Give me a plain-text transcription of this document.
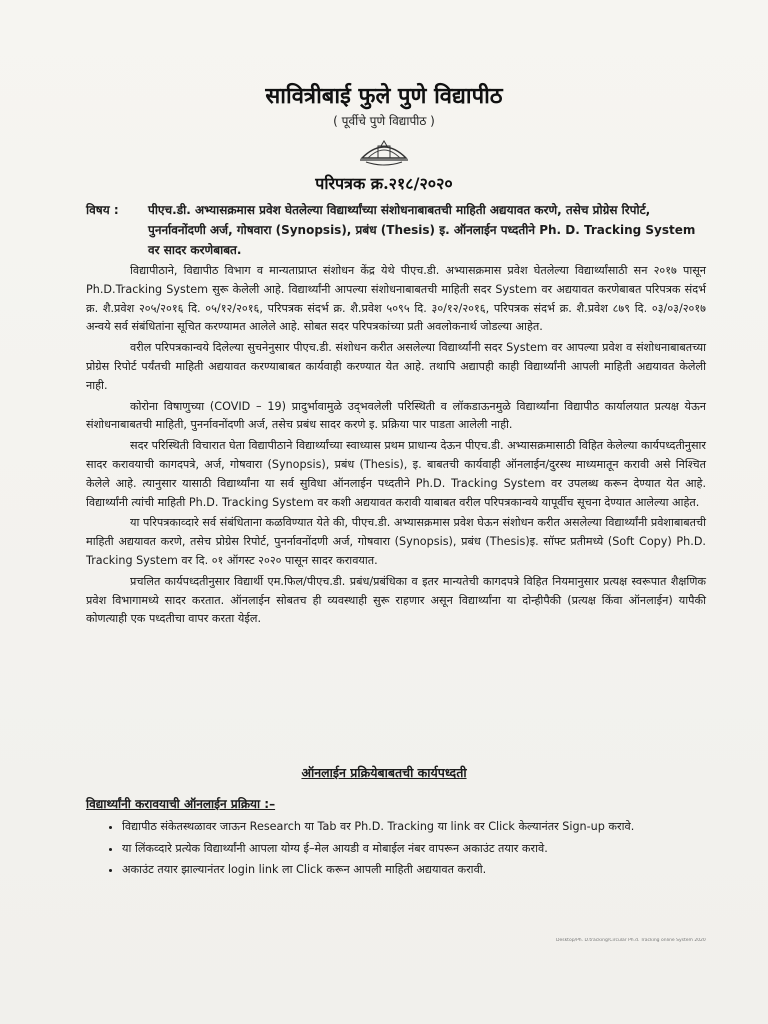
सावित्रीबाई फुले पुणे विद्यापीठ
( पूर्वीचे पुणे विद्यापीठ )
परिपत्रक क्र.२१८/२०२०
विषय :	पीएच.डी. अभ्यासक्रमास प्रवेश घेतलेल्या विद्यार्थ्यांच्या संशोधनाबाबतची माहिती अद्ययावत करणे, तसेच प्रोग्रेस रिपोर्ट, पुनर्नावनोंदणी अर्ज, गोषवारा (Synopsis), प्रबंध (Thesis) इ. ऑनलाईन पध्दतीने Ph. D. Tracking System वर सादर करणेबाबत.

विद्यापीठाने, विद्यापीठ विभाग व मान्यताप्राप्त संशोधन केंद्र येथे पीएच.डी. अभ्यासक्रमास प्रवेश घेतलेल्या विद्यार्थ्यांसाठी सन २०१७ पासून Ph.D.Tracking System सुरू केलेली आहे. विद्यार्थ्यांनी आपल्या संशोधनाबाबतची माहिती सदर System वर अद्ययावत करणेबाबत परिपत्रक संदर्भ क्र. शै.प्रवेश २०५/२०१६ दि. ०५/१२/२०१६, परिपत्रक संदर्भ क्र. शै.प्रवेश ५०९५ दि. ३०/१२/२०१६, परिपत्रक संदर्भ क्र. शै.प्रवेश ८७९ दि. ०३/०३/२०१७ अन्वये सर्व संबंधितांना सूचित करण्यामत आलेले आहे. सोबत सदर परिपत्रकांच्या प्रती अवलोकनार्थ जोडल्या आहेत.

वरील परिपत्रकान्वये दिलेल्या सुचनेनुसार पीएच.डी. संशोधन करीत असलेल्या विद्यार्थ्यांनी सदर System वर आपल्या प्रवेश व संशोधनाबाबतच्या प्रोग्रेस रिपोर्ट पर्यंतची माहिती अद्ययावत करण्याबाबत कार्यवाही करण्यात येत आहे. तथापि अद्यापही काही विद्यार्थ्यांनी आपली माहिती अद्ययावत केलेली नाही.

कोरोना विषाणुच्या (COVID – 19) प्रादुर्भावामुळे उद्‌भवलेली परिस्थिती व लॉकडाऊनमुळे विद्यार्थ्यांना विद्यापीठ कार्यालयात प्रत्यक्ष येऊन संशोधनाबाबतची माहिती, पुनर्नावनोंदणी अर्ज, तसेच प्रबंध सादर करणे इ. प्रक्रिया पार पाडता आलेली नाही.

सदर परिस्थिती विचारात घेता विद्यापीठाने विद्यार्थ्यांच्या स्वाध्यास प्रथम प्राधान्य देऊन पीएच.डी. अभ्यासक्रमासाठी विहित केलेल्या कार्यपध्दतीनुसार सादर करावयाची कागदपत्रे, अर्ज, गोषवारा (Synopsis), प्रबंध (Thesis), इ. बाबतची कार्यवाही ऑनलाईन/दुरस्थ माध्यमातून करावी असे निश्चित केलेले आहे. त्यानुसार यासाठी विद्यार्थ्यांना या सर्व सुविधा ऑनलाईन पध्दतीने Ph.D. Tracking System वर उपलब्ध करून देण्यात येत आहे. विद्यार्थ्यांनी त्यांची माहिती Ph.D. Tracking System वर कशी अद्ययावत करावी याबाबत वरील परिपत्रकान्वये यापूर्वीच सूचना देण्यात आलेल्या आहेत.

या परिपत्रकाव्दारे सर्व संबंधिताना कळविण्यात येते की, पीएच.डी. अभ्यासक्रमास प्रवेश घेऊन संशोधन करीत असलेल्या विद्यार्थ्यांनी प्रवेशाबाबतची माहिती अद्ययावत करणे, तसेच प्रोग्रेस रिपोर्ट, पुनर्नावनोंदणी अर्ज, गोषवारा (Synopsis), प्रबंध (Thesis)इ. सॉफ्ट प्रतीमध्ये (Soft Copy) Ph.D. Tracking System वर दि. ०१ ऑगस्ट २०२० पासून सादर करावयात.

प्रचलित कार्यपध्दतीनुसार विद्यार्थी एम.फिल/पीएच.डी. प्रबंध/प्रबंधिका व इतर मान्यतेची कागदपत्रे विहित नियमानुसार प्रत्यक्ष स्वरूपात शैक्षणिक प्रवेश विभागामध्ये सादर करतात. ऑनलाईन सोबतच ही व्यवस्थाही सुरू राहणार असून विद्यार्थ्यांना या दोन्हीपैकी (प्रत्यक्ष किंवा ऑनलाईन) यापैकी कोणत्याही एक पध्दतीचा वापर करता येईल.

ऑनलाईन प्रक्रियेबाबतची कार्यपध्दती
विद्यार्थ्यांनी करावयाची ऑनलाईन प्रक्रिया :–
• विद्यापीठ संकेतस्थळावर जाऊन Research या Tab वर Ph.D. Tracking या link वर Click केल्यानंतर Sign-up करावे.
• या लिंकव्दारे प्रत्येक विद्यार्थ्यांनी आपला योग्य ई–मेल आयडी व मोबाईल नंबर वापरून अकाउंट तयार करावे.
• अकाउंट तयार झाल्यानंतर login link ला Click करून आपली माहिती अद्ययावत करावी.
Desktop/Ph. D.tracking/Circular Ph.d. Tracking online System 2020
